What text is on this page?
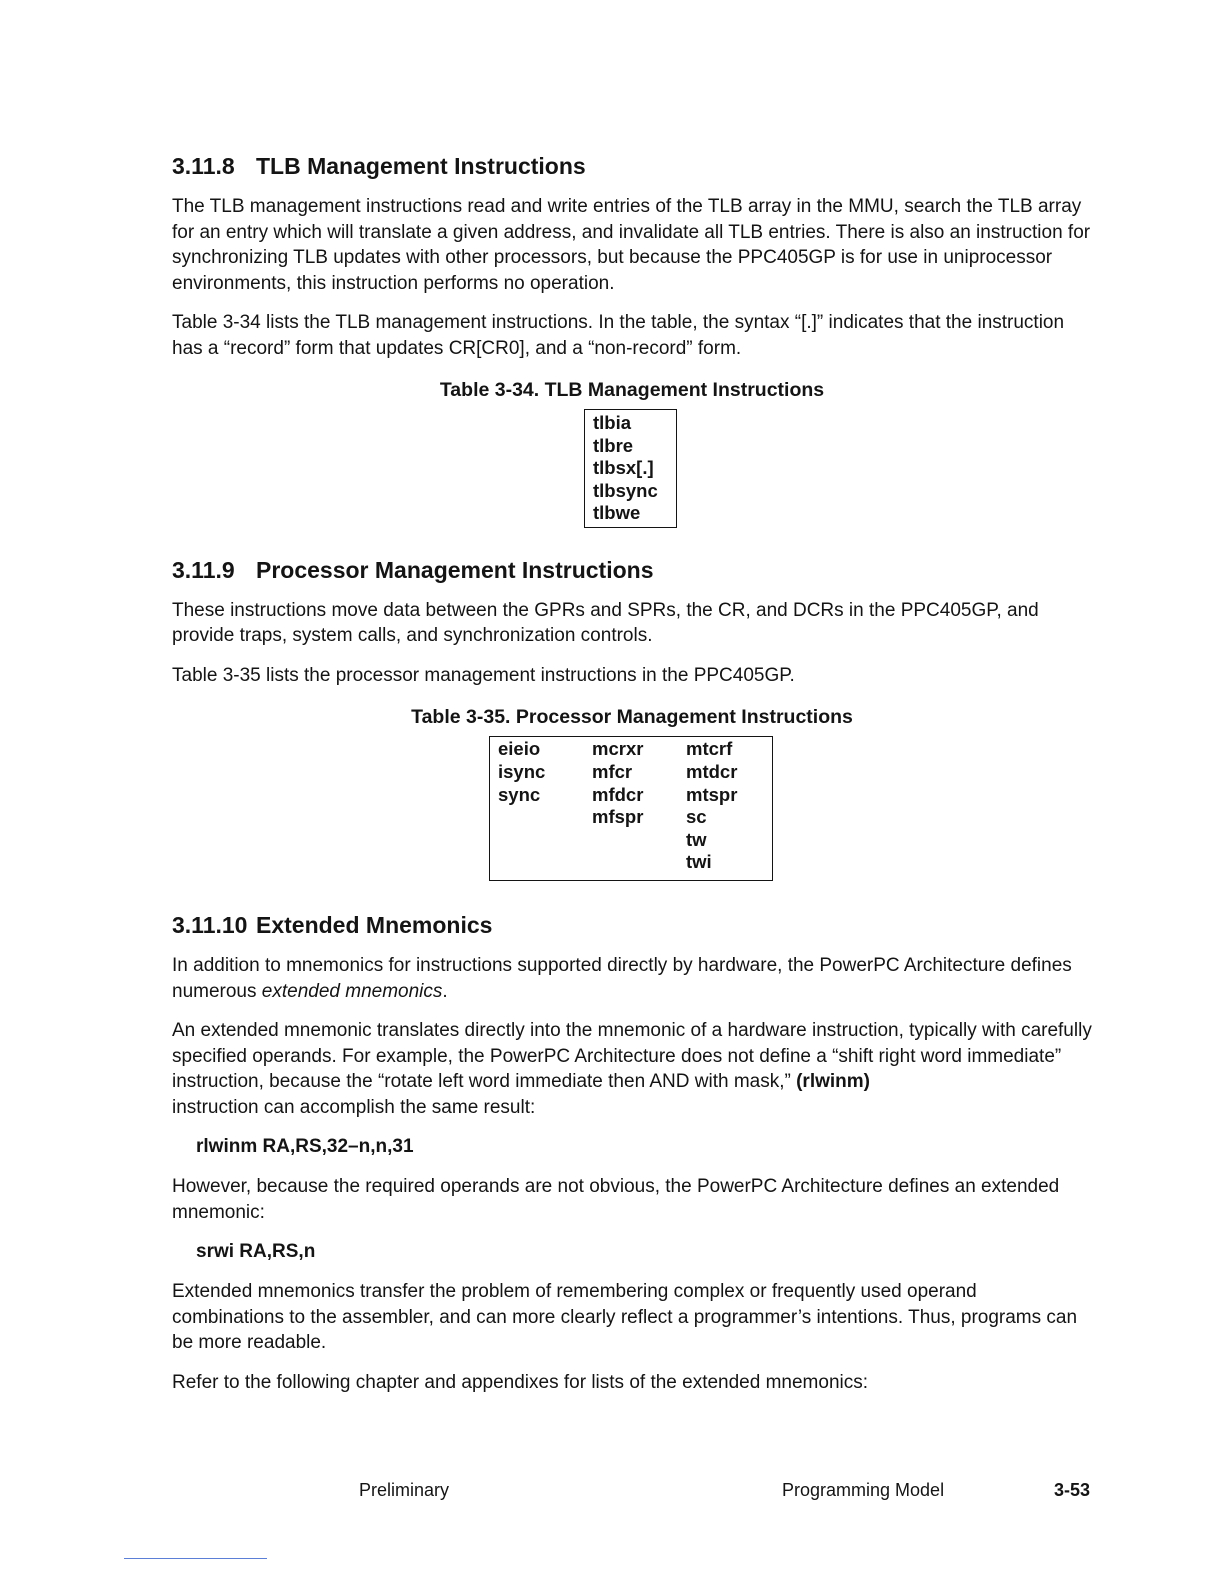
3.11.8 TLB Management Instructions

The TLB management instructions read and write entries of the TLB array in the MMU, search the TLB array for an entry which will translate a given address, and invalidate all TLB entries. There is also an instruction for synchronizing TLB updates with other processors, but because the PPC405GP is for use in uniprocessor environments, this instruction performs no operation.

Table 3-34 lists the TLB management instructions. In the table, the syntax “[.]” indicates that the instruction has a “record” form that updates CR[CR0], and a “non-record” form.

Table 3-34. TLB Management Instructions

tlbia
tlbre
tlbsx[.]
tlbsync
tlbwe
3.11.9 Processor Management Instructions

These instructions move data between the GPRs and SPRs, the CR, and DCRs in the PPC405GP, and provide traps, system calls, and synchronization controls.

Table 3-35 lists the processor management instructions in the PPC405GP.

Table 3-35. Processor Management Instructions

eieio
isync
sync
mcrxr
mfcr
mfdcr
mfspr
mtcrf
mtdcr
mtspr
sc
tw
twi
3.11.10 Extended Mnemonics

In addition to mnemonics for instructions supported directly by hardware, the PowerPC Architecture defines numerous extended mnemonics.

An extended mnemonic translates directly into the mnemonic of a hardware instruction, typically with carefully specified operands. For example, the PowerPC Architecture does not define a “shift right word immediate” instruction, because the “rotate left word immediate then AND with mask,” (rlwinm)
instruction can accomplish the same result:

rlwinm RA,RS,32–n,n,31

However, because the required operands are not obvious, the PowerPC Architecture defines an extended mnemonic:

srwi RA,RS,n

Extended mnemonics transfer the problem of remembering complex or frequently used operand combinations to the assembler, and can more clearly reflect a programmer’s intentions. Thus, programs can be more readable.

Refer to the following chapter and appendixes for lists of the extended mnemonics:

Preliminary	Programming Model	3-53
